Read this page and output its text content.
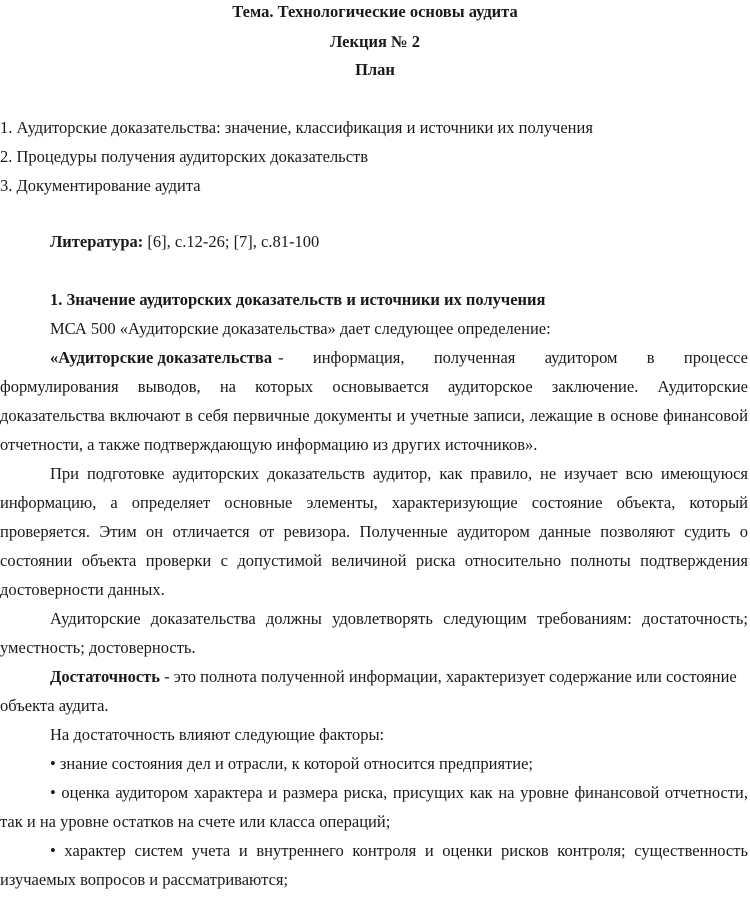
Тема. Технологические основы аудита
Лекция № 2
План
1. Аудиторские доказательства: значение, классификация и источники их получения
2. Процедуры получения аудиторских доказательств
3. Документирование аудита
Литература: [6], с.12-26; [7], с.81-100
1. Значение аудиторских доказательств и источники их получения
МСА 500 «Аудиторские доказательства» дает следующее определение:
«Аудиторские доказательства - информация, полученная аудитором в процессе
формулирования выводов, на которых основывается аудиторское заключение. Аудиторские
доказательства включают в себя первичные документы и учетные записи, лежащие в основе финансовой
отчетности, а также подтверждающую информацию из других источников».
При подготовке аудиторских доказательств аудитор, как правило, не изучает всю имеющуюся
информацию, а определяет основные элементы, характеризующие состояние объекта, который
проверяется. Этим он отличается от ревизора. Полученные аудитором данные позволяют судить о
состоянии объекта проверки с допустимой величиной риска относительно полноты подтверждения
достоверности данных.
Аудиторские доказательства должны удовлетворять следующим требованиям: достаточность;
уместность; достоверность.
Достаточность - это полнота полученной информации, характеризует содержание или состояние
объекта аудита.
На достаточность влияют следующие факторы:
• знание состояния дел и отрасли, к которой относится предприятие;
• оценка аудитором характера и размера риска, присущих как на уровне финансовой отчетности,
так и на уровне остатков на счете или класса операций;
• характер систем учета и внутреннего контроля и оценки рисков контроля; существенность
изучаемых вопросов и рассматриваются;
